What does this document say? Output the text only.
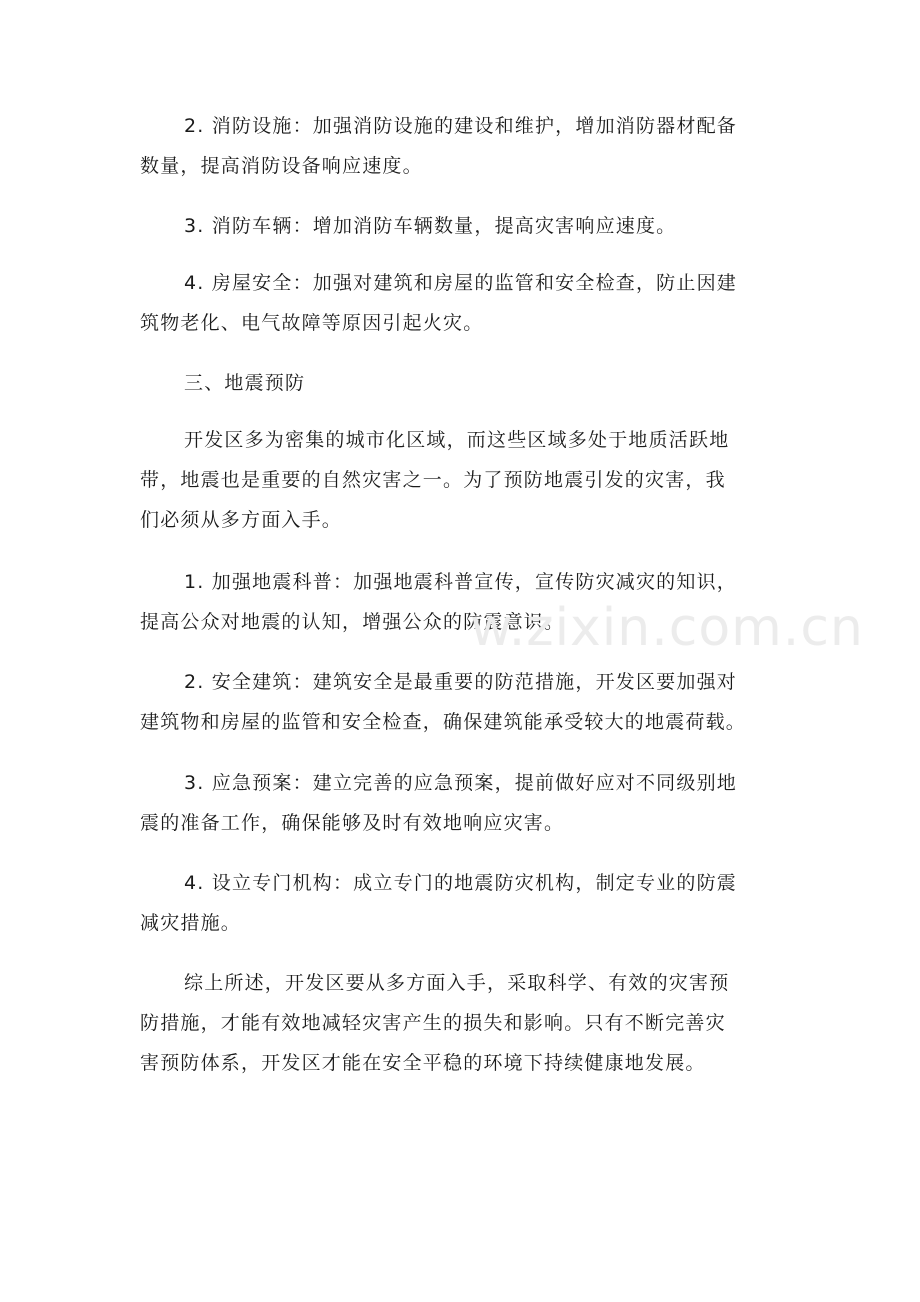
2. 消防设施：加强消防设施的建设和维护，增加消防器材配备
数量，提高消防设备响应速度。

3. 消防车辆：增加消防车辆数量，提高灾害响应速度。

4. 房屋安全：加强对建筑和房屋的监管和安全检查，防止因建
筑物老化、电气故障等原因引起火灾。

三、地震预防

开发区多为密集的城市化区域，而这些区域多处于地质活跃地
带，地震也是重要的自然灾害之一。为了预防地震引发的灾害，我
们必须从多方面入手。

1. 加强地震科普：加强地震科普宣传，宣传防灾减灾的知识，
提高公众对地震的认知，增强公众的防震意识。

2. 安全建筑：建筑安全是最重要的防范措施，开发区要加强对
建筑物和房屋的监管和安全检查，确保建筑能承受较大的地震荷载。

3. 应急预案：建立完善的应急预案，提前做好应对不同级别地
震的准备工作，确保能够及时有效地响应灾害。

4. 设立专门机构：成立专门的地震防灾机构，制定专业的防震
减灾措施。

综上所述，开发区要从多方面入手，采取科学、有效的灾害预
防措施，才能有效地减轻灾害产生的损失和影响。只有不断完善灾
害预防体系，开发区才能在安全平稳的环境下持续健康地发展。

w.zixin.com.cn
